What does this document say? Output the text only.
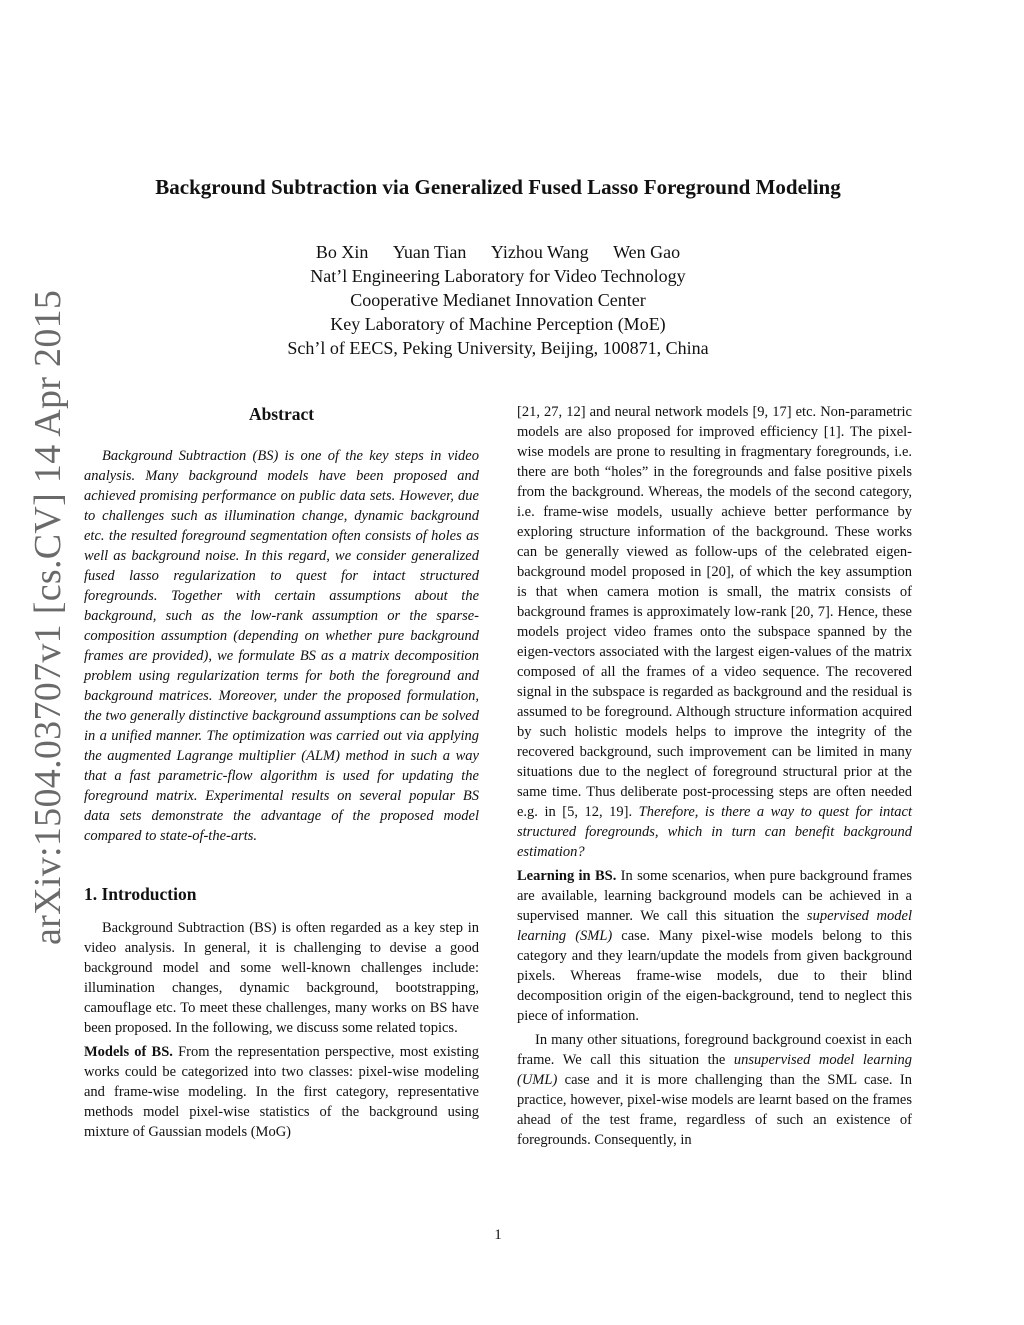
arXiv:1504.03707v1 [cs.CV] 14 Apr 2015
Background Subtraction via Generalized Fused Lasso Foreground Modeling
Bo Xin Yuan Tian Yizhou Wang Wen Gao
Nat’l Engineering Laboratory for Video Technology
Cooperative Medianet Innovation Center
Key Laboratory of Machine Perception (MoE)
Sch’l of EECS, Peking University, Beijing, 100871, China
Abstract

Background Subtraction (BS) is one of the key steps in video analysis. Many background models have been proposed and achieved promising performance on public data sets. However, due to challenges such as illumination change, dynamic background etc. the resulted foreground segmentation often consists of holes as well as background noise. In this regard, we consider generalized fused lasso regularization to quest for intact structured foregrounds. Together with certain assumptions about the background, such as the low-rank assumption or the sparse-composition assumption (depending on whether pure background frames are provided), we formulate BS as a matrix decomposition problem using regularization terms for both the foreground and background matrices. Moreover, under the proposed formulation, the two generally distinctive background assumptions can be solved in a unified manner. The optimization was carried out via applying the augmented Lagrange multiplier (ALM) method in such a way that a fast parametric-flow algorithm is used for updating the foreground matrix. Experimental results on several popular BS data sets demonstrate the advantage of the proposed model compared to state-of-the-arts.

1. Introduction

Background Subtraction (BS) is often regarded as a key step in video analysis. In general, it is challenging to devise a good background model and some well-known challenges include: illumination changes, dynamic background, bootstrapping, camouflage etc. To meet these challenges, many works on BS have been proposed. In the following, we discuss some related topics.

Models of BS. From the representation perspective, most existing works could be categorized into two classes: pixel-wise modeling and frame-wise modeling. In the first category, representative methods model pixel-wise statistics of the background using mixture of Gaussian models (MoG)

[21, 27, 12] and neural network models [9, 17] etc. Non-parametric models are also proposed for improved efficiency [1]. The pixel-wise models are prone to resulting in fragmentary foregrounds, i.e. there are both “holes” in the foregrounds and false positive pixels from the background. Whereas, the models of the second category, i.e. frame-wise models, usually achieve better performance by exploring structure information of the background. These works can be generally viewed as follow-ups of the celebrated eigen-background model proposed in [20], of which the key assumption is that when camera motion is small, the matrix consists of background frames is approximately low-rank [20, 7]. Hence, these models project video frames onto the subspace spanned by the eigen-vectors associated with the largest eigen-values of the matrix composed of all the frames of a video sequence. The recovered signal in the subspace is regarded as background and the residual is assumed to be foreground. Although structure information acquired by such holistic models helps to improve the integrity of the recovered background, such improvement can be limited in many situations due to the neglect of foreground structural prior at the same time. Thus deliberate post-processing steps are often needed e.g. in [5, 12, 19]. Therefore, is there a way to quest for intact structured foregrounds, which in turn can benefit background estimation?

Learning in BS. In some scenarios, when pure background frames are available, learning background models can be achieved in a supervised manner. We call this situation the supervised model learning (SML) case. Many pixel-wise models belong to this category and they learn/update the models from given background pixels. Whereas frame-wise models, due to their blind decomposition origin of the eigen-background, tend to neglect this piece of information.

In many other situations, foreground background coexist in each frame. We call this situation the unsupervised model learning (UML) case and it is more challenging than the SML case. In practice, however, pixel-wise models are learnt based on the frames ahead of the test frame, regardless of such an existence of foregrounds. Consequently, in

1
